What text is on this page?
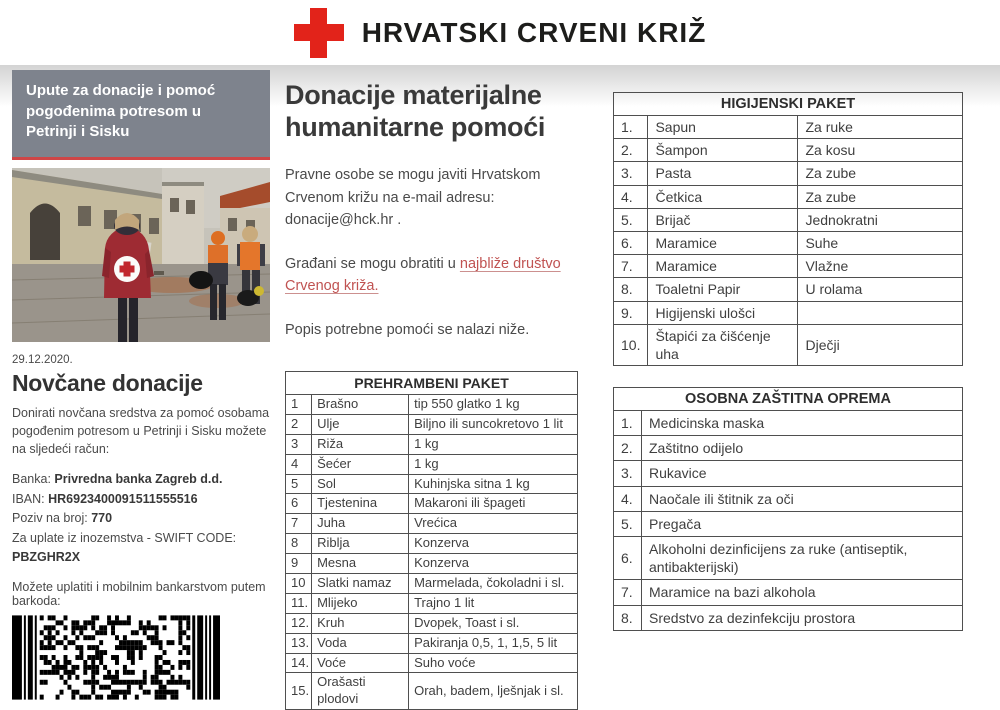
HRVATSKI CRVENI KRIŽ
Upute za donacije i pomoć pogođenima potresom u Petrinji i Sisku
29.12.2020.
Novčane donacije

Donirati novčana sredstva za pomoć osobama pogođenim potresom u Petrinji i Sisku možete na sljedeći račun:

Banka: Privredna banka Zagreb d.d.
IBAN: HR6923400091511555516
Poziv na broj: 770
Za uplate iz inozemstva - SWIFT CODE: PBZGHR2X

Možete uplatiti i mobilnim bankarstvom putem barkoda:

Donacije materijalne humanitarne pomoći

Pravne osobe se mogu javiti Hrvatskom Crvenom križu na e-mail adresu: donacije@hck.hr .

Građani se mogu obratiti u najbliže društvo Crvenog križa.

Popis potrebne pomoći se nalazi niže.

PREHRAMBENI PAKET		
1	Brašno	tip 550 glatko 1 kg
2	Ulje	Biljno ili suncokretovo 1 lit
3	Riža	1 kg
4	Šećer	1 kg
5	Sol	Kuhinjska sitna 1 kg
6	Tjestenina	Makaroni ili špageti
7	Juha	Vrećica
8	Riblja	Konzerva
9	Mesna	Konzerva
10	Slatki namaz	Marmelada, čokoladni i sl.
11.	Mlijeko	Trajno 1 lit
12.	Kruh	Dvopek, Toast i sl.
13.	Voda	Pakiranja 0,5, 1, 1,5, 5 lit
14.	Voće	Suho voće
15.	Orašasti plodovi	Orah, badem, lješnjak i sl.
HIGIJENSKI PAKET		
1.	Sapun	Za ruke
2.	Šampon	Za kosu
3.	Pasta	Za zube
4.	Četkica	Za zube
5.	Brijač	Jednokratni
6.	Maramice	Suhe
7.	Maramice	Vlažne
8.	Toaletni Papir	U rolama
9.	Higijenski ulošci	
10.	Štapići za čišćenje uha	Dječji
OSOBNA ZAŠTITNA OPREMA	
1.	Medicinska maska
2.	Zaštitno odijelo
3.	Rukavice
4.	Naočale ili štitnik za oči
5.	Pregača
6.	Alkoholni dezinficijens za ruke (antiseptik, antibakterijski)
7.	Maramice na bazi alkohola
8.	Sredstvo za dezinfekciju prostora
